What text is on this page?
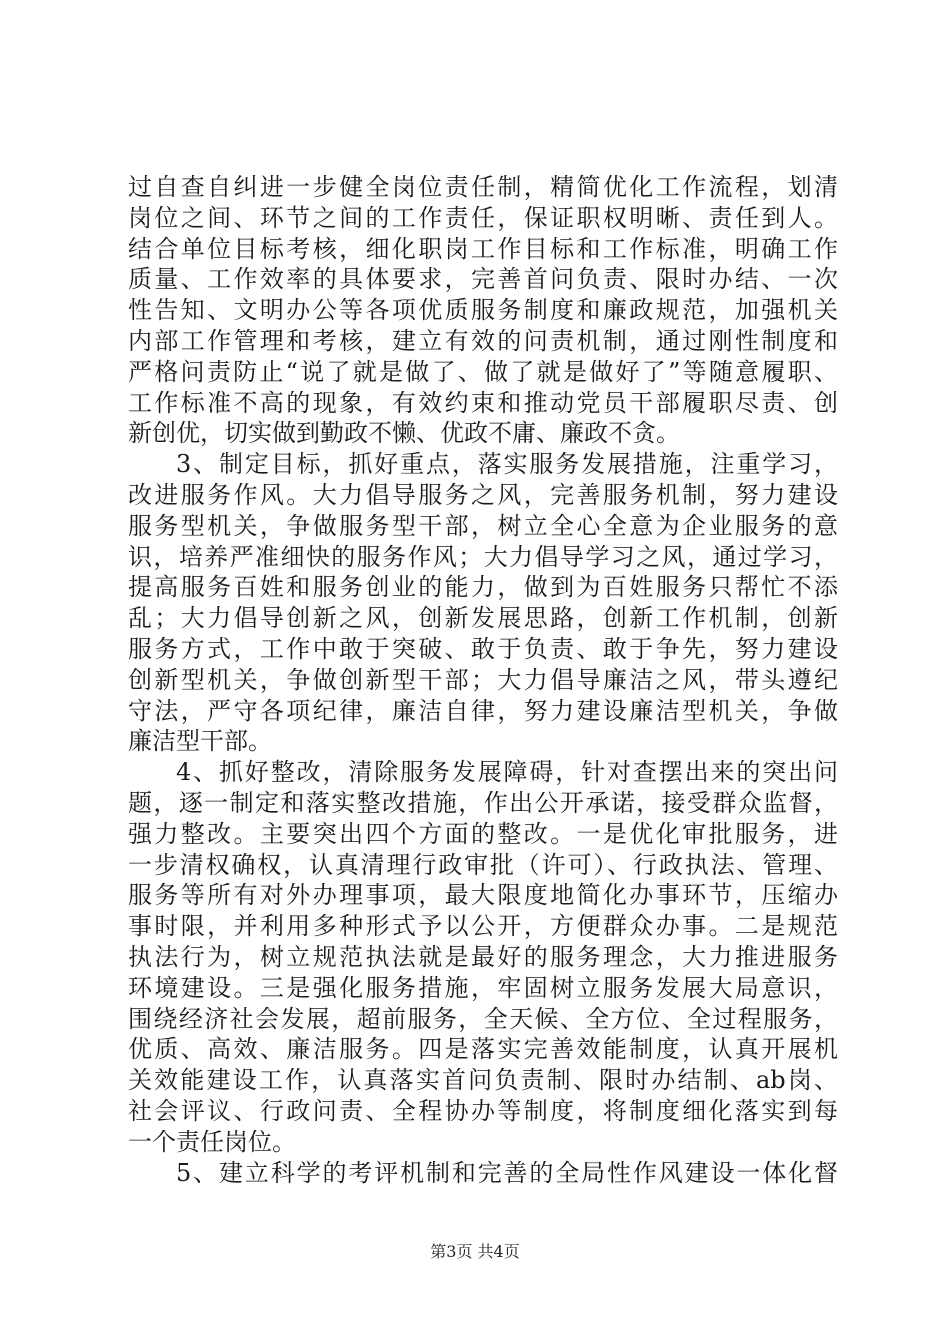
过自查自纠进一步健全岗位责任制，精简优化工作流程，划清
岗位之间、环节之间的工作责任，保证职权明晰、责任到人。
结合单位目标考核，细化职岗工作目标和工作标准，明确工作
质量、工作效率的具体要求，完善首问负责、限时办结、一次
性告知、文明办公等各项优质服务制度和廉政规范，加强机关
内部工作管理和考核，建立有效的问责机制，通过刚性制度和
严格问责防止“说了就是做了、做了就是做好了”等随意履职、
工作标准不高的现象，有效约束和推动党员干部履职尽责、创
新创优，切实做到勤政不懒、优政不庸、廉政不贪。
3、制定目标，抓好重点，落实服务发展措施，注重学习，
改进服务作风。大力倡导服务之风，完善服务机制，努力建设
服务型机关，争做服务型干部，树立全心全意为企业服务的意
识，培养严准细快的服务作风；大力倡导学习之风，通过学习，
提高服务百姓和服务创业的能力，做到为百姓服务只帮忙不添
乱；大力倡导创新之风，创新发展思路，创新工作机制，创新
服务方式，工作中敢于突破、敢于负责、敢于争先，努力建设
创新型机关，争做创新型干部；大力倡导廉洁之风，带头遵纪
守法，严守各项纪律，廉洁自律，努力建设廉洁型机关，争做
廉洁型干部。
4、抓好整改，清除服务发展障碍，针对查摆出来的突出问
题，逐一制定和落实整改措施，作出公开承诺，接受群众监督，
强力整改。主要突出四个方面的整改。一是优化审批服务，进
一步清权确权，认真清理行政审批（许可）、行政执法、管理、
服务等所有对外办理事项，最大限度地简化办事环节，压缩办
事时限，并利用多种形式予以公开，方便群众办事。二是规范
执法行为，树立规范执法就是最好的服务理念，大力推进服务
环境建设。三是强化服务措施，牢固树立服务发展大局意识，
围绕经济社会发展，超前服务，全天候、全方位、全过程服务，
优质、高效、廉洁服务。四是落实完善效能制度，认真开展机
关效能建设工作，认真落实首问负责制、限时办结制、ab岗、
社会评议、行政问责、全程协办等制度，将制度细化落实到每
一个责任岗位。
5、建立科学的考评机制和完善的全局性作风建设一体化督
第3页 共4页
